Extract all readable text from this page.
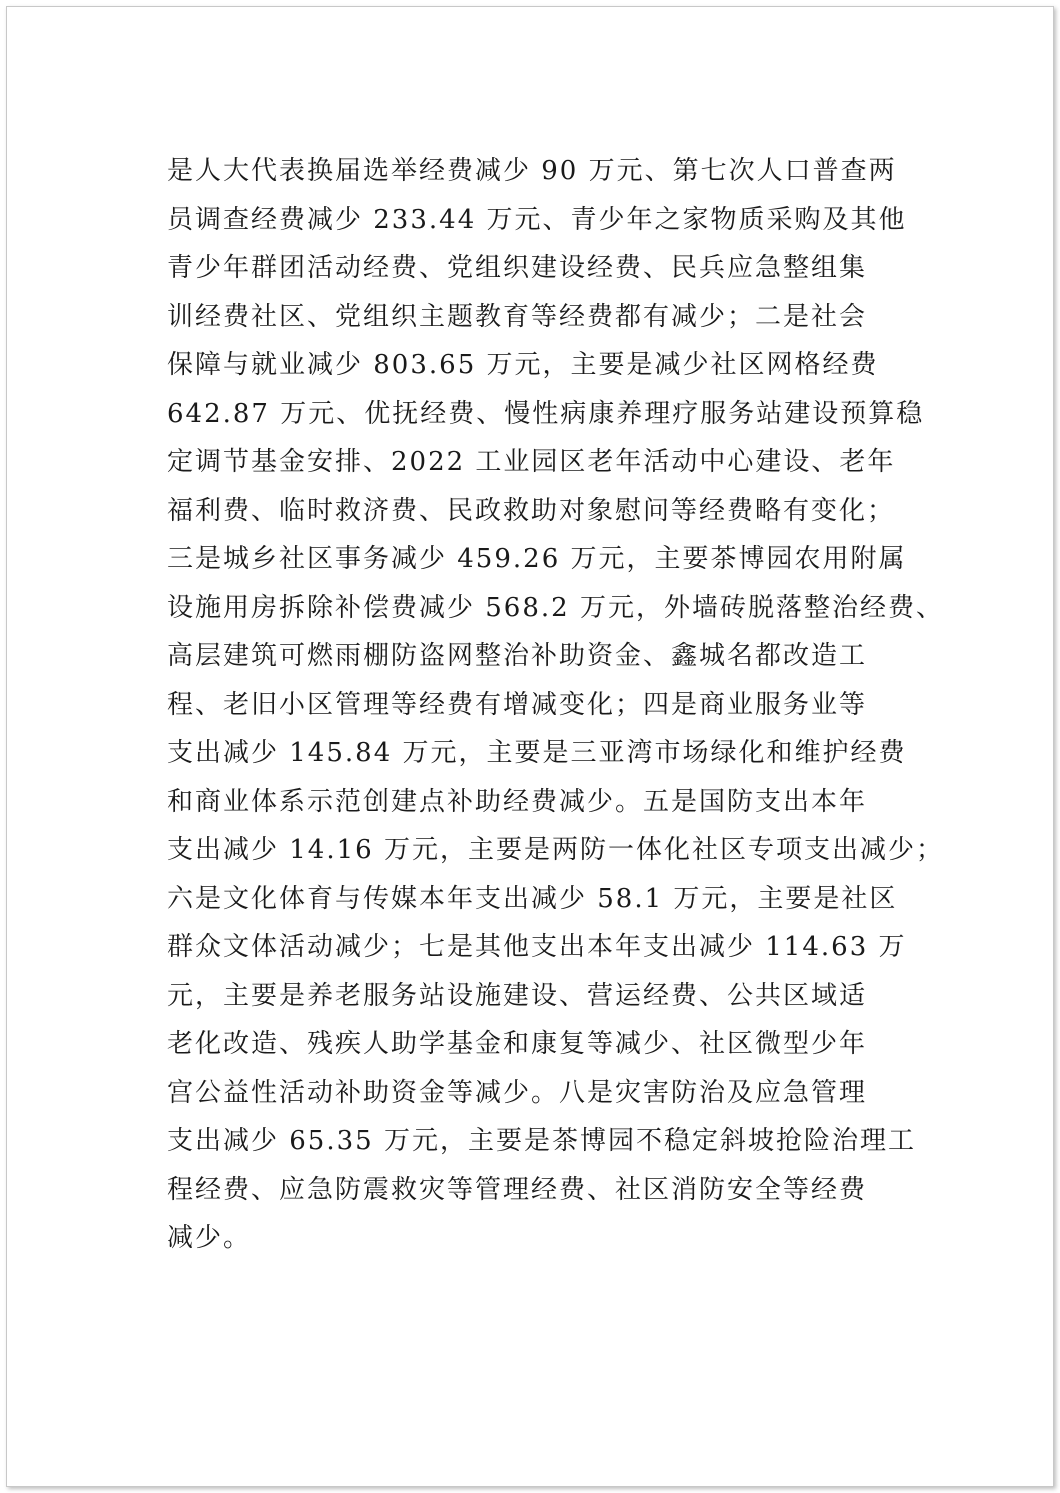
是人大代表换届选举经费减少 90 万元、第七次人口普查两
员调查经费减少 233.44 万元、青少年之家物质采购及其他
青少年群团活动经费、党组织建设经费、民兵应急整组集
训经费社区、党组织主题教育等经费都有减少；二是社会
保障与就业减少 803.65 万元，主要是减少社区网格经费
642.87 万元、优抚经费、慢性病康养理疗服务站建设预算稳
定调节基金安排、2022 工业园区老年活动中心建设、老年
福利费、临时救济费、民政救助对象慰问等经费略有变化；
三是城乡社区事务减少 459.26 万元，主要茶博园农用附属
设施用房拆除补偿费减少 568.2 万元，外墙砖脱落整治经费、
高层建筑可燃雨棚防盗网整治补助资金、鑫城名都改造工
程、老旧小区管理等经费有增减变化；四是商业服务业等
支出减少 145.84 万元，主要是三亚湾市场绿化和维护经费
和商业体系示范创建点补助经费减少。五是国防支出本年
支出减少 14.16 万元，主要是两防一体化社区专项支出减少；
六是文化体育与传媒本年支出减少 58.1 万元，主要是社区
群众文体活动减少；七是其他支出本年支出减少 114.63 万
元，主要是养老服务站设施建设、营运经费、公共区域适
老化改造、残疾人助学基金和康复等减少、社区微型少年
宫公益性活动补助资金等减少。八是灾害防治及应急管理
支出减少 65.35 万元，主要是茶博园不稳定斜坡抢险治理工
程经费、应急防震救灾等管理经费、社区消防安全等经费
减少。
